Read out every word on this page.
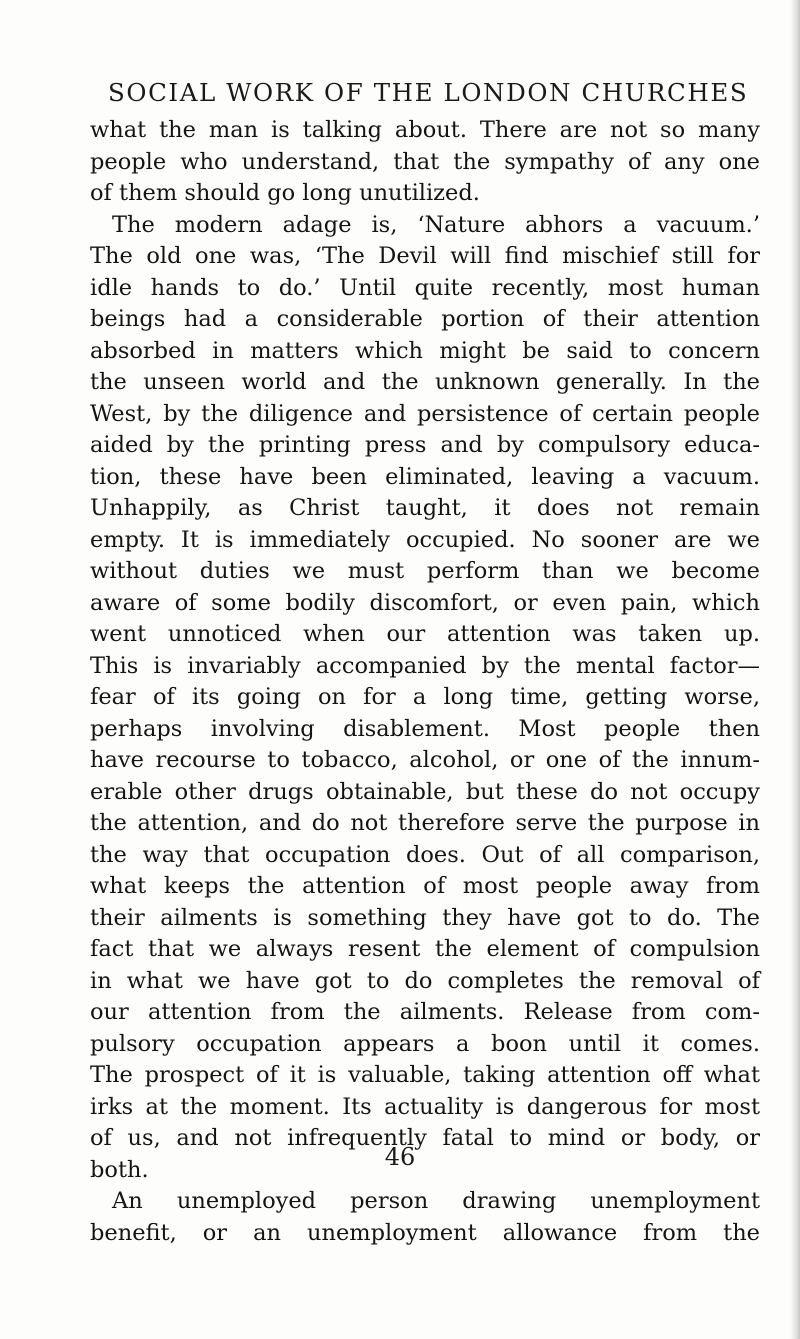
SOCIAL WORK OF THE LONDON CHURCHES
what the man is talking about. There are not so many
people who understand, that the sympathy of any one
of them should go long unutilized.
The modern adage is, ‘Nature abhors a vacuum.’
The old one was, ‘The Devil will find mischief still for
idle hands to do.’ Until quite recently, most human
beings had a considerable portion of their attention
absorbed in matters which might be said to concern
the unseen world and the unknown generally. In the
West, by the diligence and persistence of certain people
aided by the printing press and by compulsory educa-
tion, these have been eliminated, leaving a vacuum.
Unhappily, as Christ taught, it does not remain
empty. It is immediately occupied. No sooner are we
without duties we must perform than we become
aware of some bodily discomfort, or even pain, which
went unnoticed when our attention was taken up.
This is invariably accompanied by the mental factor—
fear of its going on for a long time, getting worse,
perhaps involving disablement. Most people then
have recourse to tobacco, alcohol, or one of the innum-
erable other drugs obtainable, but these do not occupy
the attention, and do not therefore serve the purpose in
the way that occupation does. Out of all comparison,
what keeps the attention of most people away from
their ailments is something they have got to do. The
fact that we always resent the element of compulsion
in what we have got to do completes the removal of
our attention from the ailments. Release from com-
pulsory occupation appears a boon until it comes.
The prospect of it is valuable, taking attention off what
irks at the moment. Its actuality is dangerous for most
of us, and not infrequently fatal to mind or body, or
both.
An unemployed person drawing unemployment
benefit, or an unemployment allowance from the
46
